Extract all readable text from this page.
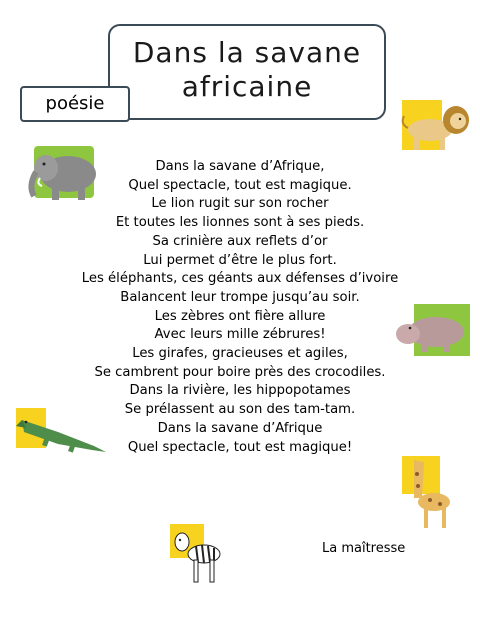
Dans la savane
africaine
poésie
Dans la savane d’Afrique,
Quel spectacle, tout est magique.
Le lion rugit sur son rocher
Et toutes les lionnes sont à ses pieds.
Sa crinière aux reflets d’or
Lui permet d’être le plus fort.
Les éléphants, ces géants aux défenses d’ivoire
Balancent leur trompe jusqu’au soir.
Les zèbres ont fière allure
Avec leurs mille zébrures!
Les girafes, gracieuses et agiles,
Se cambrent pour boire près des crocodiles.
Dans la rivière, les hippopotames
Se prélassent au son des tam-tam.
Dans la savane d’Afrique
Quel spectacle, tout est magique!
La maîtresse
